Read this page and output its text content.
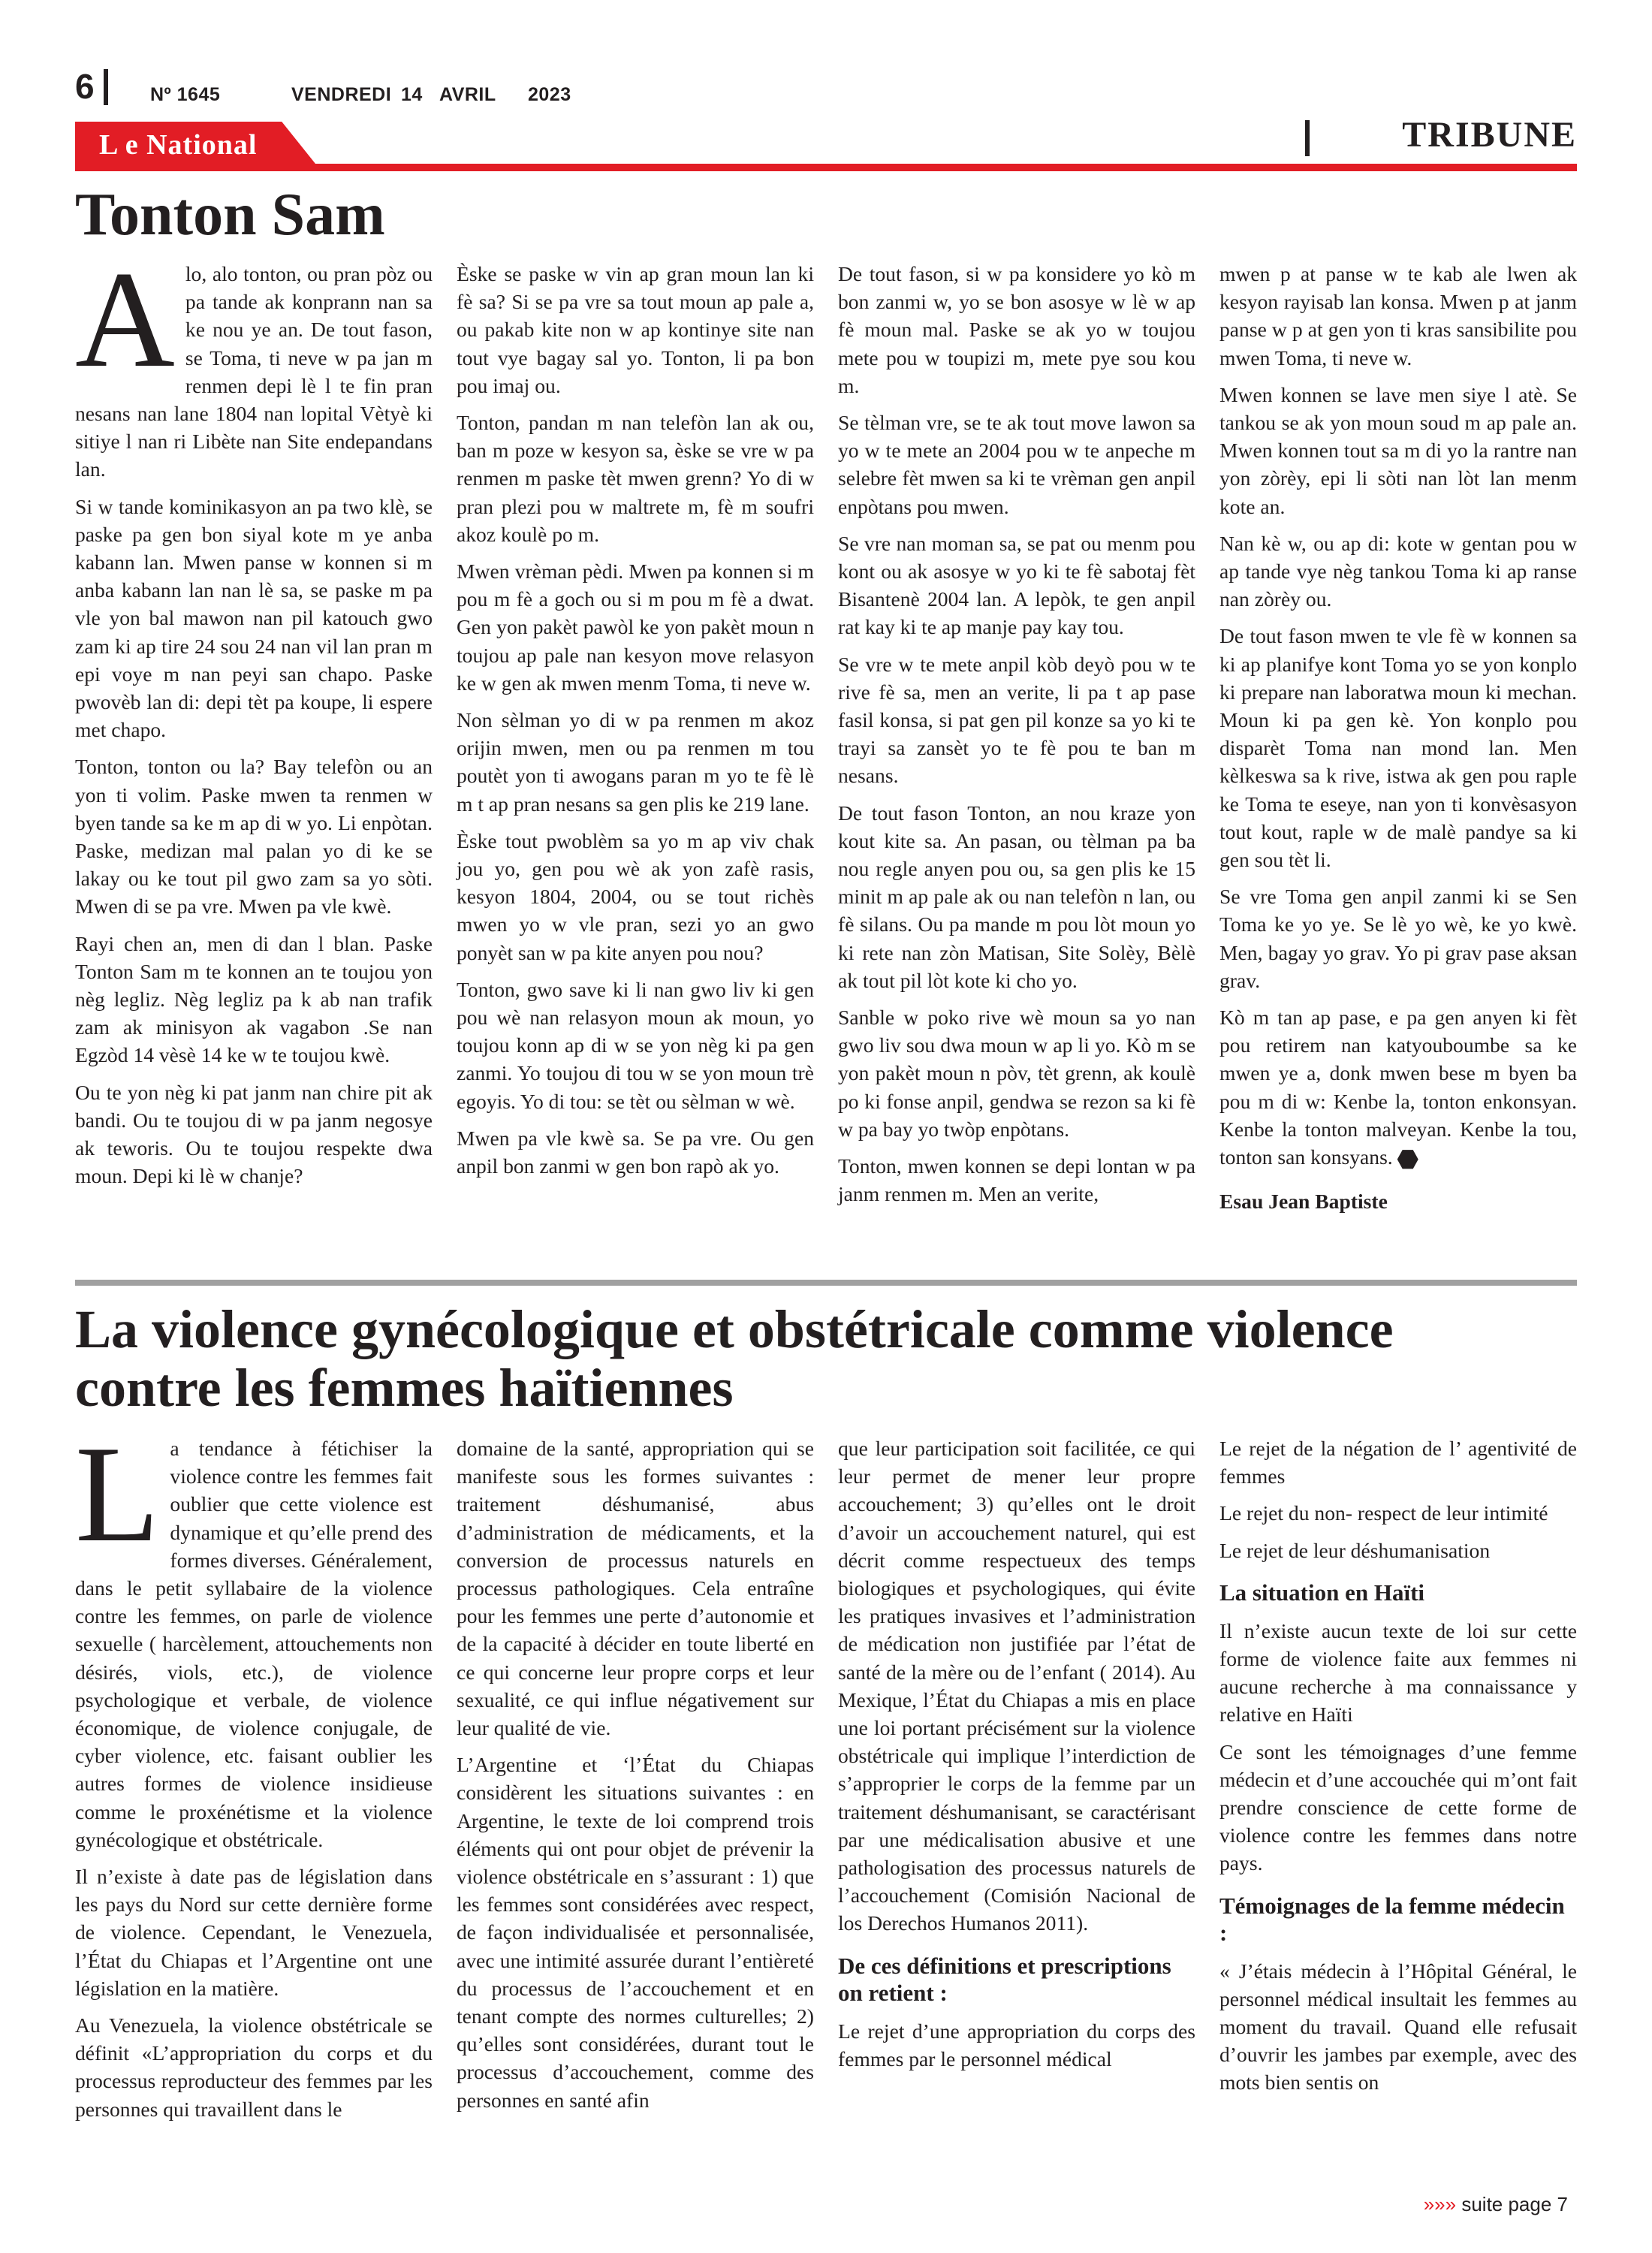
6	Nº 1645	VENDREDI 14 AVRIL 2023
L e National	TRIBUNE
Tonton Sam

Alo, alo tonton, ou pran pòz ou pa tande ak konprann nan sa ke nou ye an. De tout fason, se Toma, ti neve w pa jan m renmen depi lè l te fin pran nesans nan lane 1804 nan lopital Vètyè ki sitiye l nan ri Libète nan Site endepandans lan.

Si w tande kominikasyon an pa two klè, se paske pa gen bon siyal kote m ye anba kabann lan. Mwen panse w konnen si m anba kabann lan nan lè sa, se paske m pa vle yon bal mawon nan pil katouch gwo zam ki ap tire 24 sou 24 nan vil lan pran m epi voye m nan peyi san chapo. Paske pwovèb lan di: depi tèt pa koupe, li espere met chapo.

Tonton, tonton ou la? Bay telefòn ou an yon ti volim. Paske mwen ta renmen w byen tande sa ke m ap di w yo. Li enpòtan. Paske, medizan mal palan yo di ke se lakay ou ke tout pil gwo zam sa yo sòti. Mwen di se pa vre. Mwen pa vle kwè.

Rayi chen an, men di dan l blan. Paske Tonton Sam m te konnen an te toujou yon nèg legliz. Nèg legliz pa k ab nan trafik zam ak minisyon ak vagabon .Se nan Egzòd 14 vèsè 14 ke w te toujou kwè.

Ou te yon nèg ki pat janm nan chire pit ak bandi. Ou te toujou di w pa janm negosye ak teworis. Ou te toujou respekte dwa moun. Depi ki lè w chanje?

Èske se paske w vin ap gran moun lan ki fè sa? Si se pa vre sa tout moun ap pale a, ou pakab kite non w ap kontinye site nan tout vye bagay sal yo. Tonton, li pa bon pou imaj ou.

Tonton, pandan m nan telefòn lan ak ou, ban m poze w kesyon sa, èske se vre w pa renmen m paske tèt mwen grenn? Yo di w pran plezi pou w maltrete m, fè m soufri akoz koulè po m.

Mwen vrèman pèdi. Mwen pa konnen si m pou m fè a goch ou si m pou m fè a dwat. Gen yon pakèt pawòl ke yon pakèt moun n toujou ap pale nan kesyon move relasyon ke w gen ak mwen menm Toma, ti neve w.

Non sèlman yo di w pa renmen m akoz orijin mwen, men ou pa renmen m tou poutèt yon ti awogans paran m yo te fè lè m t ap pran nesans sa gen plis ke 219 lane.

Èske tout pwoblèm sa yo m ap viv chak jou yo, gen pou wè ak yon zafè rasis, kesyon 1804, 2004, ou se tout richès mwen yo w vle pran, sezi yo an gwo ponyèt san w pa kite anyen pou nou?

Tonton, gwo save ki li nan gwo liv ki gen pou wè nan relasyon moun ak moun, yo toujou konn ap di w se yon nèg ki pa gen zanmi. Yo toujou di tou w se yon moun trè egoyis. Yo di tou: se tèt ou sèlman w wè.

Mwen pa vle kwè sa. Se pa vre. Ou gen anpil bon zanmi w gen bon rapò ak yo.

De tout fason, si w pa konsidere yo kò m bon zanmi w, yo se bon asosye w lè w ap fè moun mal. Paske se ak yo w toujou mete pou w toupizi m, mete pye sou kou m.

Se tèlman vre, se te ak tout move lawon sa yo w te mete an 2004 pou w te anpeche m selebre fèt mwen sa ki te vrèman gen anpil enpòtans pou mwen.

Se vre nan moman sa, se pat ou menm pou kont ou ak asosye w yo ki te fè sabotaj fèt Bisantenè 2004 lan. A lepòk, te gen anpil rat kay ki te ap manje pay kay tou.

Se vre w te mete anpil kòb deyò pou w te rive fè sa, men an verite, li pa t ap pase fasil konsa, si pat gen pil konze sa yo ki te trayi sa zansèt yo te fè pou te ban m nesans.

De tout fason Tonton, an nou kraze yon kout kite sa. An pasan, ou tèlman pa ba nou regle anyen pou ou, sa gen plis ke 15 minit m ap pale ak ou nan telefòn n lan, ou fè silans. Ou pa mande m pou lòt moun yo ki rete nan zòn Matisan, Site Solèy, Bèlè ak tout pil lòt kote ki cho yo.

Sanble w poko rive wè moun sa yo nan gwo liv sou dwa moun w ap li yo. Kò m se yon pakèt moun n pòv, tèt grenn, ak koulè po ki fonse anpil, gendwa se rezon sa ki fè w pa bay yo twòp enpòtans.

Tonton, mwen konnen se depi lontan w pa janm renmen m. Men an verite,

mwen p at panse w te kab ale lwen ak kesyon rayisab lan konsa. Mwen p at janm panse w p at gen yon ti kras sansibilite pou mwen Toma, ti neve w.

Mwen konnen se lave men siye l atè. Se tankou se ak yon moun soud m ap pale an. Mwen konnen tout sa m di yo la rantre nan yon zòrèy, epi li sòti nan lòt lan menm kote an.

Nan kè w, ou ap di: kote w gentan pou w ap tande vye nèg tankou Toma ki ap ranse nan zòrèy ou.

De tout fason mwen te vle fè w konnen sa ki ap planifye kont Toma yo se yon konplo ki prepare nan laboratwa moun ki mechan. Moun ki pa gen kè. Yon konplo pou disparèt Toma nan mond lan. Men kèlkeswa sa k rive, istwa ak gen pou raple ke Toma te eseye, nan yon ti konvèsasyon tout kout, raple w de malè pandye sa ki gen sou tèt li.

Se vre Toma gen anpil zanmi ki se Sen Toma ke yo ye. Se lè yo wè, ke yo kwè. Men, bagay yo grav. Yo pi grav pase aksan grav.

Kò m tan ap pase, e pa gen anyen ki fèt pou retirem nan katyouboumbe sa ke mwen ye a, donk mwen bese m byen ba pou m di w: Kenbe la, tonton enkonsyan. Kenbe la tonton malveyan. Kenbe la tou, tonton san konsyans.

Esau Jean Baptiste

La violence gynécologique et obstétricale comme violence
contre les femmes haïtiennes

La tendance à fétichiser la violence contre les femmes fait oublier que cette violence est dynamique et qu’elle prend des formes diverses. Généralement, dans le petit syllabaire de la violence contre les femmes, on parle de violence sexuelle ( harcèlement, attouchements non désirés, viols, etc.), de violence psychologique et verbale, de violence économique, de violence conjugale, de cyber violence, etc. faisant oublier les autres formes de violence insidieuse comme le proxénétisme et la violence gynécologique et obstétricale.

Il n’existe à date pas de législation dans les pays du Nord sur cette dernière forme de violence. Cependant, le Venezuela, l’État du Chiapas et l’Argentine ont une législation en la matière.

Au Venezuela, la violence obstétricale se définit «L’appropriation du corps et du processus reproducteur des femmes par les personnes qui travaillent dans le

domaine de la santé, appropriation qui se manifeste sous les formes suivantes : traitement déshumanisé, abus d’administration de médicaments, et la conversion de processus naturels en processus pathologiques. Cela entraîne pour les femmes une perte d’autonomie et de la capacité à décider en toute liberté en ce qui concerne leur propre corps et leur sexualité, ce qui influe négativement sur leur qualité de vie.

L’Argentine et ‘l’État du Chiapas considèrent les situations suivantes : en Argentine, le texte de loi comprend trois éléments qui ont pour objet de prévenir la violence obstétricale en s’assurant : 1) que les femmes sont considérées avec respect, de façon individualisée et personnalisée, avec une intimité assurée durant l’entièreté du processus de l’accouchement et en tenant compte des normes culturelles; 2) qu’elles sont considérées, durant tout le processus d’accouchement, comme des personnes en santé afin

que leur participation soit facilitée, ce qui leur permet de mener leur propre accouchement; 3) qu’elles ont le droit d’avoir un accouchement naturel, qui est décrit comme respectueux des temps biologiques et psychologiques, qui évite les pratiques invasives et l’administration de médication non justifiée par l’état de santé de la mère ou de l’enfant ( 2014). Au Mexique, l’État du Chiapas a mis en place une loi portant précisément sur la violence obstétricale qui implique l’interdiction de s’approprier le corps de la femme par un traitement déshumanisant, se caractérisant par une médicalisation abusive et une pathologisation des processus naturels de l’accouchement (Comisión Nacional de los Derechos Humanos 2011).

De ces définitions et prescriptions on retient :

Le rejet d’une appropriation du corps des femmes par le personnel médical

Le rejet de la négation de l’ agentivité de femmes

Le rejet du non- respect de leur intimité

Le rejet de leur déshumanisation

La situation en Haïti

Il n’existe aucun texte de loi sur cette forme de violence faite aux femmes ni aucune recherche à ma connaissance y relative en Haïti

Ce sont les témoignages d’une femme médecin et d’une accouchée qui m’ont fait prendre conscience de cette forme de violence contre les femmes dans notre pays.

Témoignages de la femme médecin :

« J’étais médecin à l’Hôpital Général, le personnel médical insultait les femmes au moment du travail. Quand elle refusait d’ouvrir les jambes par exemple, avec des mots bien sentis on

»»» suite page 7
